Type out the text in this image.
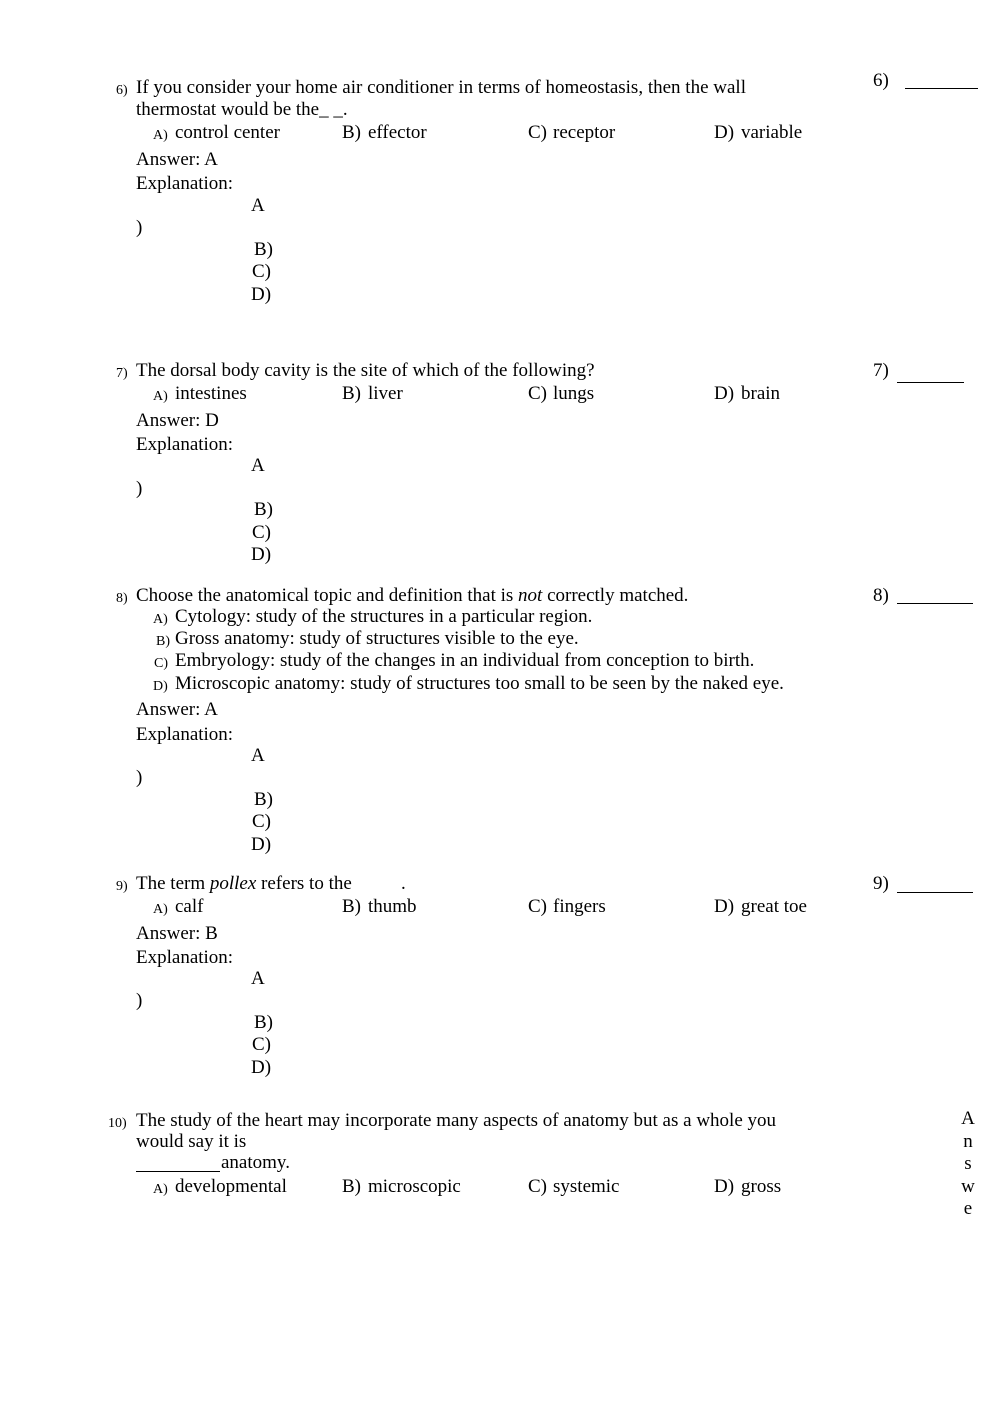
6) If you consider your home air conditioner in terms of homeostasis, then the wall
thermostat would be the_ _.
A) control center	B) effector	C) receptor	D) variable
Answer: A
Explanation:
A
)
B)
C)
D)
6)
7) The dorsal body cavity is the site of which of the following?
A) intestines	B) liver	C) lungs	D) brain
Answer: D
Explanation:
A
)
B)
C)
D)
7)
8) Choose the anatomical topic and definition that is not correctly matched.
A) Cytology: study of the structures in a particular region.
B) Gross anatomy: study of structures visible to the eye.
C) Embryology: study of the changes in an individual from conception to birth.
D) Microscopic anatomy: study of structures too small to be seen by the naked eye.
Answer: A
Explanation:
A
)
B)
C)
D)
8)
9) The term pollex refers to the	.
A) calf	B) thumb	C) fingers	D) great toe
Answer: B
Explanation:
A
)
B)
C)
D)
9)
10) The study of the heart may incorporate many aspects of anatomy but as a whole you
would say it is
anatomy.
A) developmental	B) microscopic	C) systemic	D) gross
A
n
s
w
e
